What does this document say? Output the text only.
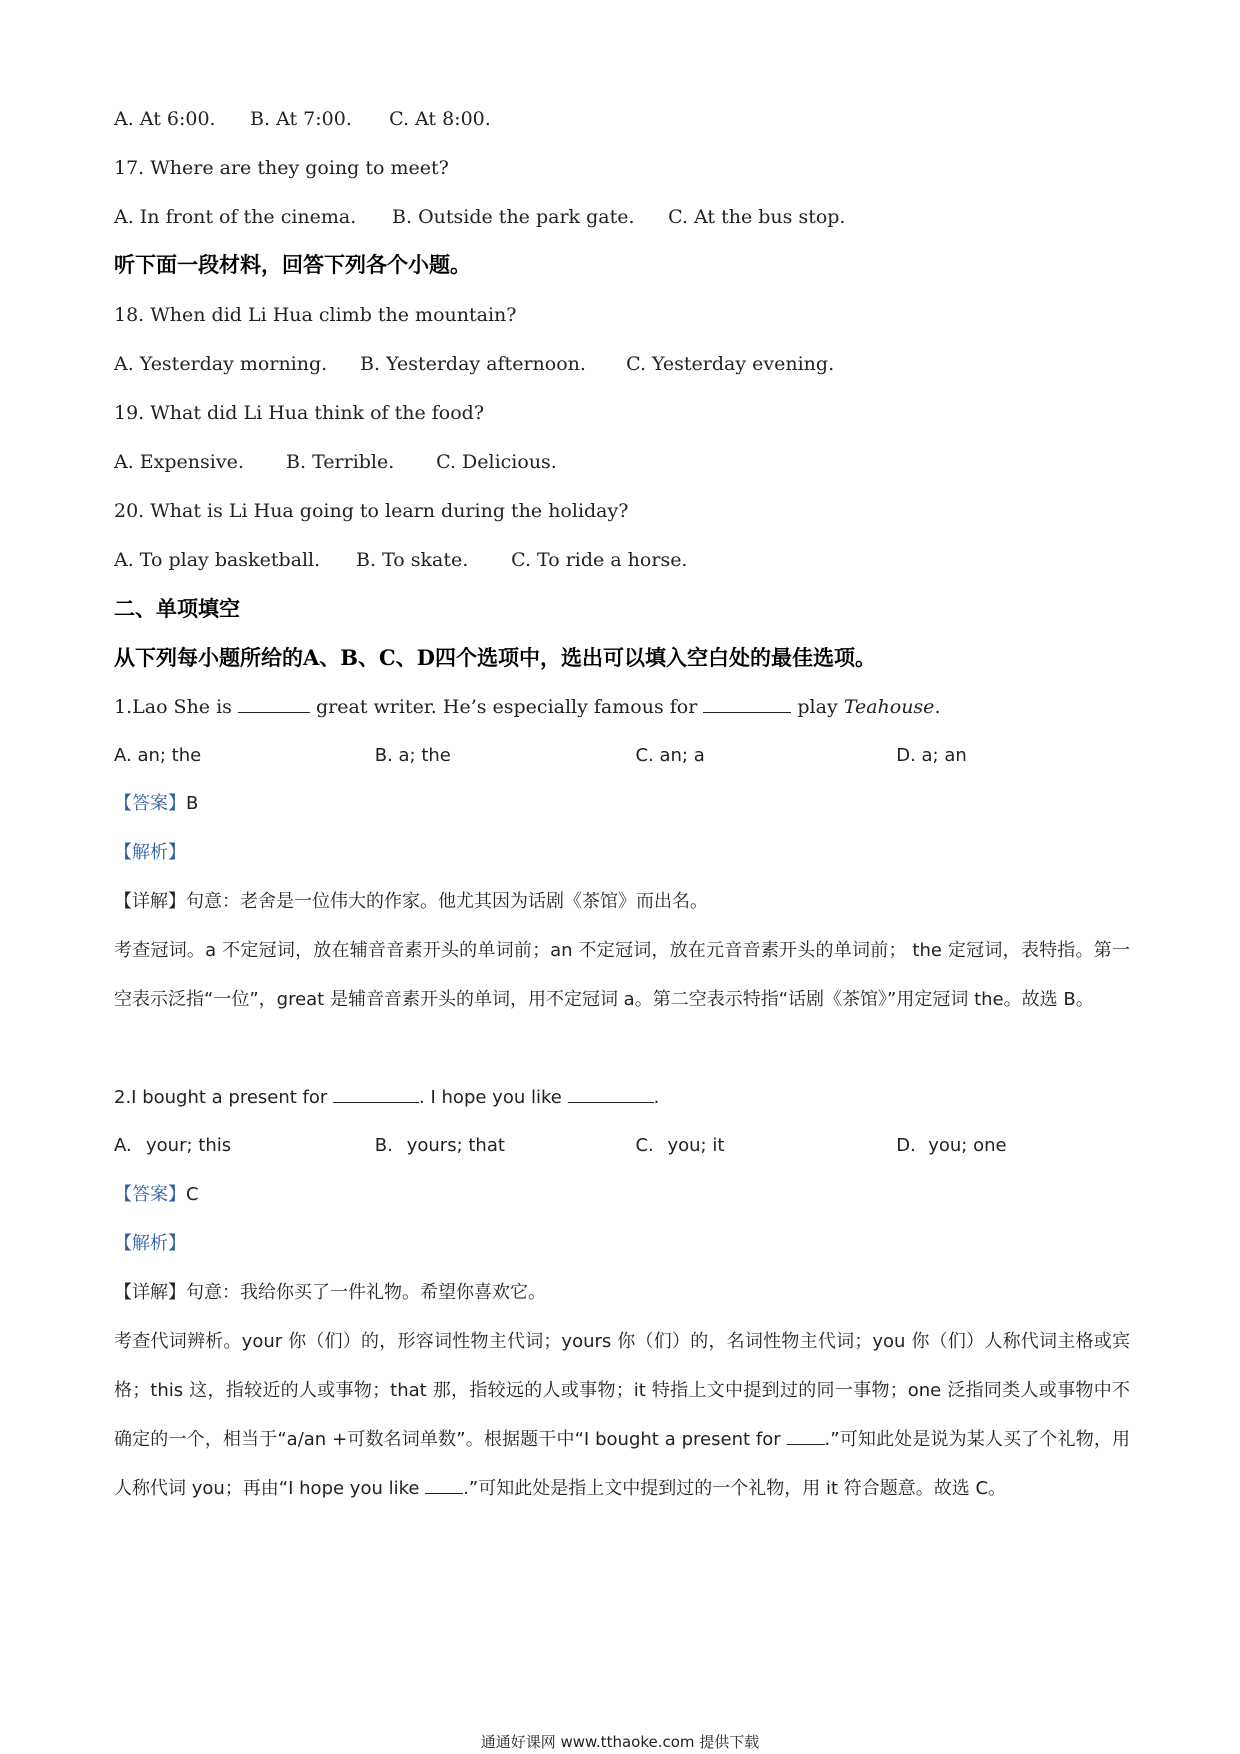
A. At 6:00. B. At 7:00. C. At 8:00.
17. Where are they going to meet?
A. In front of the cinema. B. Outside the park gate. C. At the bus stop.
听下面一段材料，回答下列各个小题。
18. When did Li Hua climb the mountain?
A. Yesterday morning. B. Yesterday afternoon. C. Yesterday evening.
19. What did Li Hua think of the food?
A. Expensive. B. Terrible. C. Delicious.
20. What is Li Hua going to learn during the holiday?
A. To play basketball. B. To skate. C. To ride a horse.
二、单项填空
从下列每小题所给的A、B、C、D四个选项中，选出可以填入空白处的最佳选项。
1.Lao She is	great writer. He’s especially famous for	play Teahouse.
A. an; the	B. a; the	C. an; a	D. a; an
【答案】B
【解析】
【详解】句意：老舍是一位伟大的作家。他尤其因为话剧《茶馆》而出名。
考查冠词。a 不定冠词，放在辅音音素开头的单词前；an 不定冠词，放在元音音素开头的单词前； the 定冠词，表特指。第一空表示泛指“一位”，great 是辅音音素开头的单词，用不定冠词 a。第二空表示特指“话剧《茶馆》”用定冠词 the。故选 B。
2.I bought a present for	. I hope you like	.
A. your; this	B. yours; that	C. you; it	D. you; one
【答案】C
【解析】
【详解】句意：我给你买了一件礼物。希望你喜欢它。
考查代词辨析。your 你（们）的，形容词性物主代词；yours 你（们）的，名词性物主代词；you 你（们）人称代词主格或宾格；this 这，指较近的人或事物；that 那，指较远的人或事物；it 特指上文中提到过的同一事物；one 泛指同类人或事物中不确定的一个，相当于“a/an +可数名词单数”。根据题干中“I bought a present for .”可知此处是说为某人买了个礼物，用人称代词 you；再由“I hope you like .”可知此处是指上文中提到过的一个礼物，用 it 符合题意。故选 C。
通通好课网 www.tthaoke.com 提供下载
